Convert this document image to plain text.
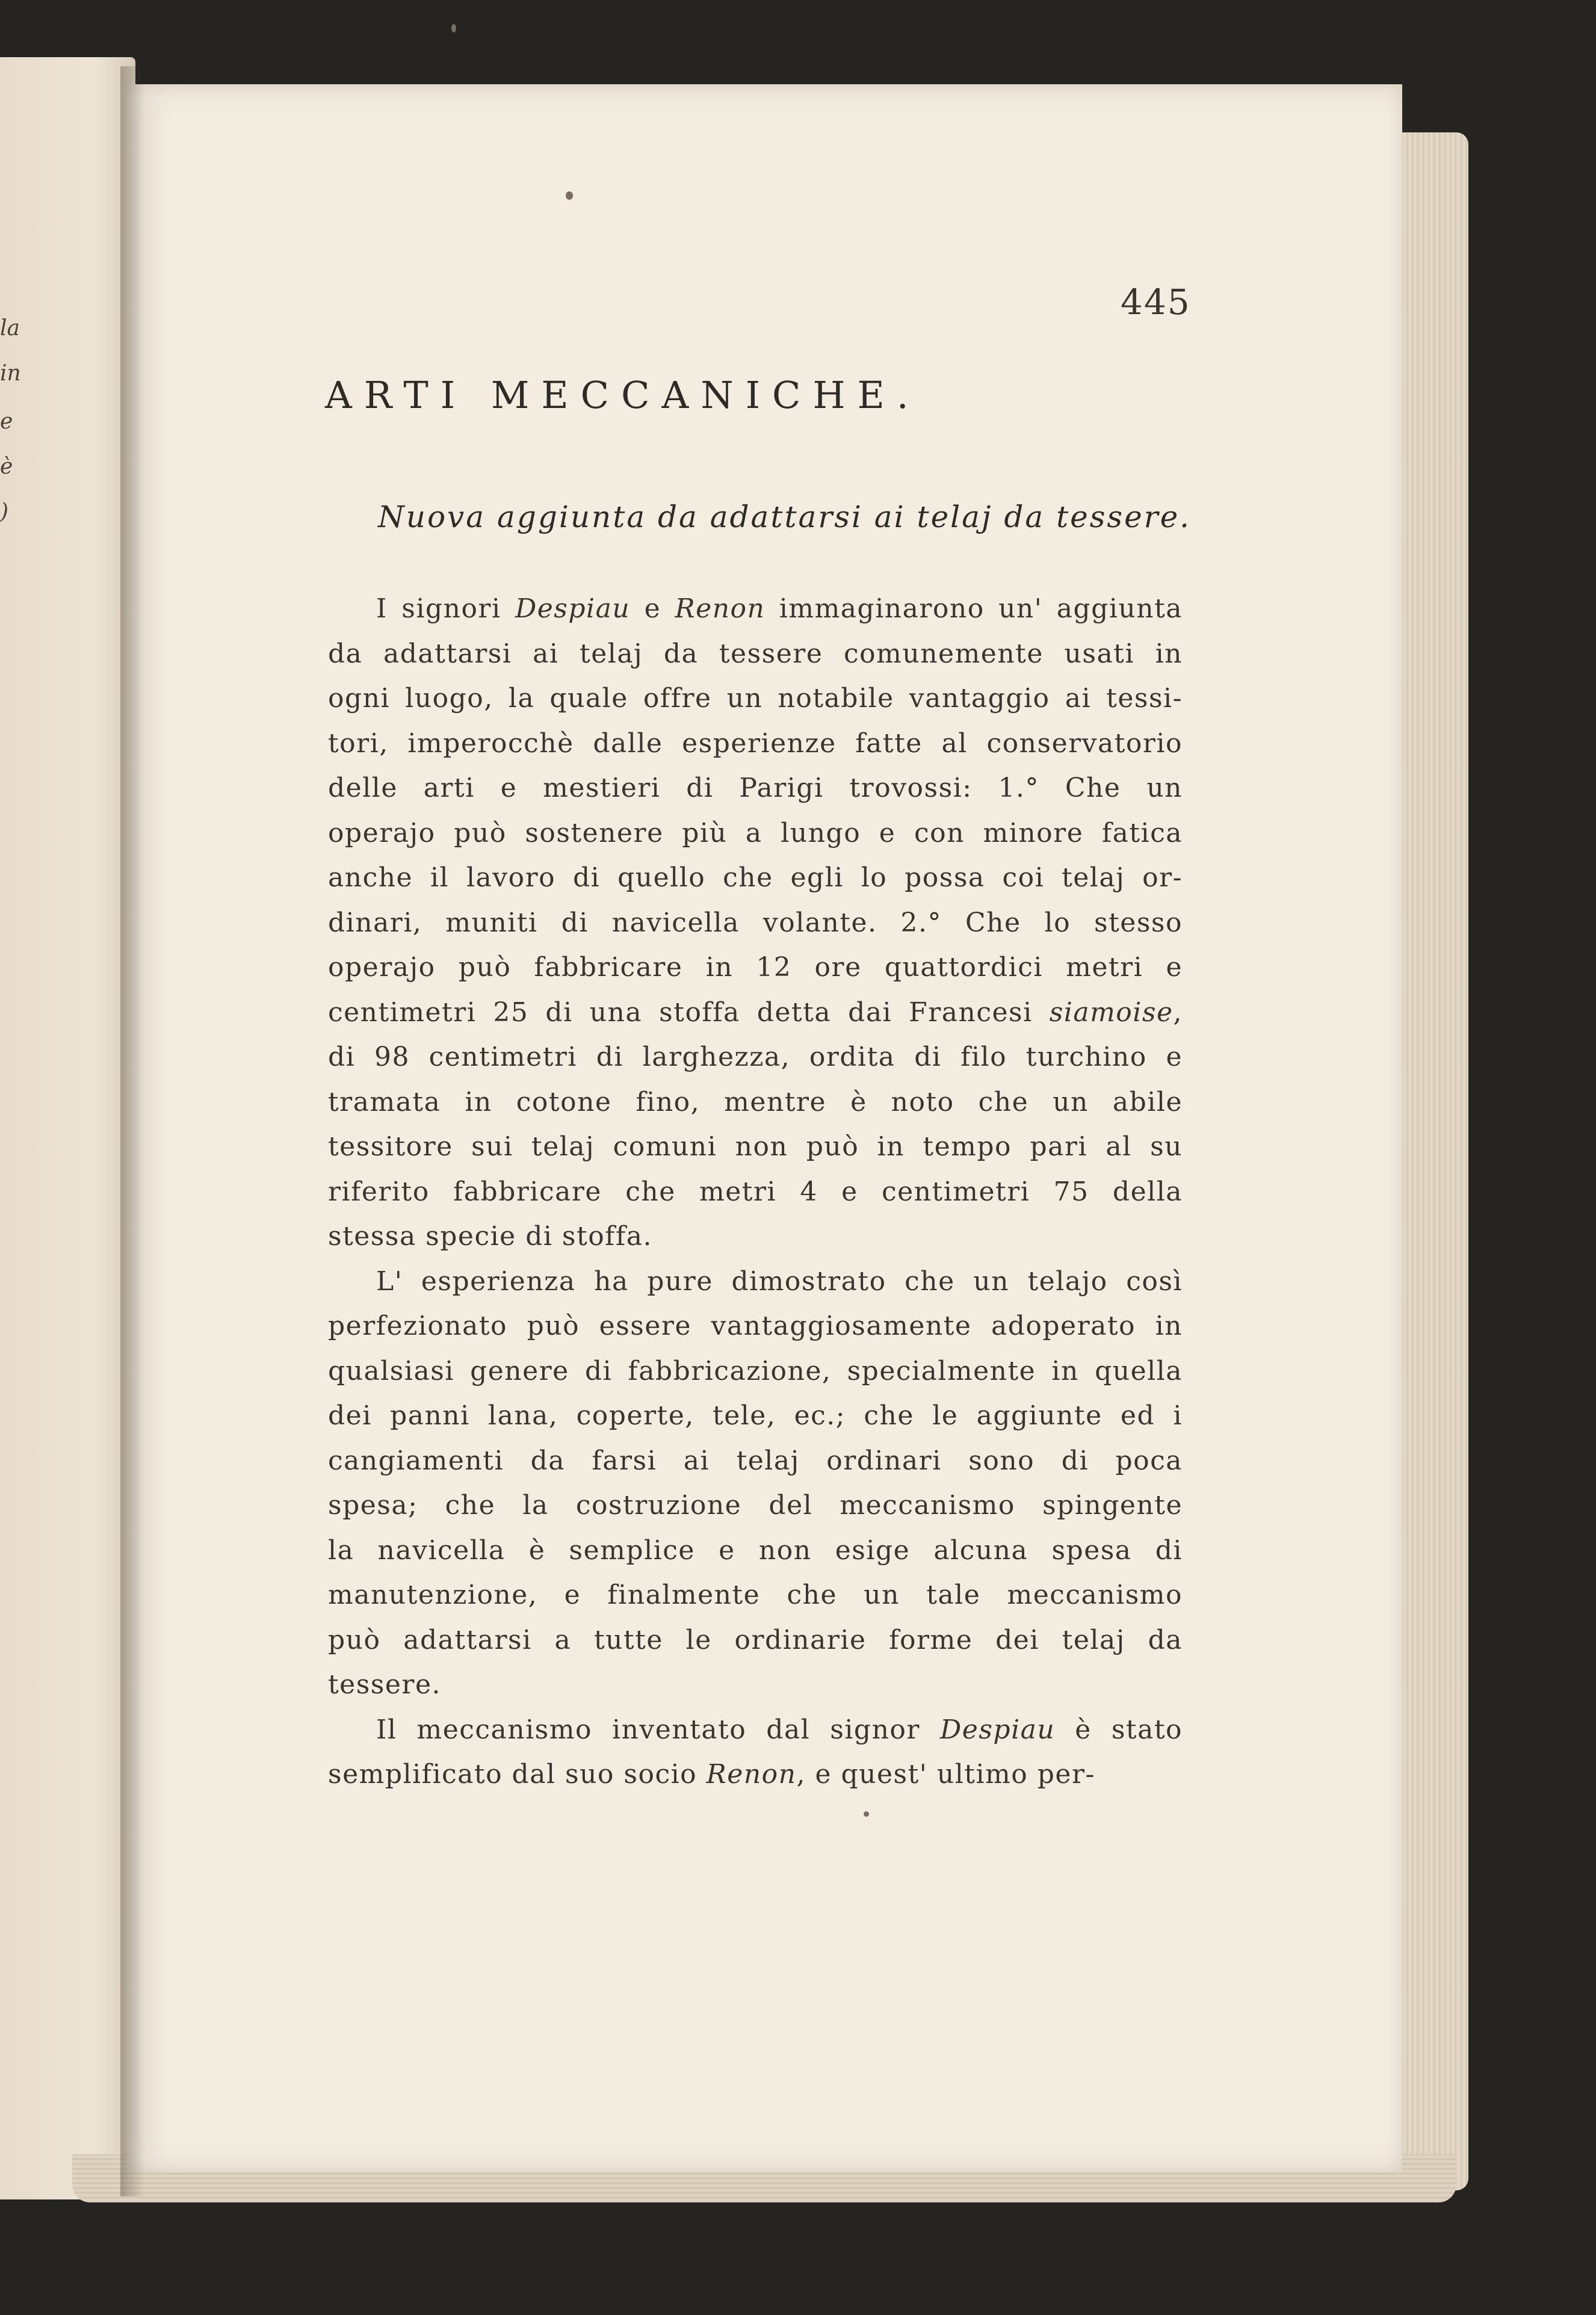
la
in
e
è
)
445
ARTI MECCANICHE.
Nuova aggiunta da adattarsi ai telaj da tessere.
I signori Despiau e Renon immaginarono un' aggiunta
da adattarsi ai telaj da tessere comunemente usati in
ogni luogo, la quale offre un notabile vantaggio ai tessi-
tori, imperocchè dalle esperienze fatte al conservatorio
delle arti e mestieri di Parigi trovossi: 1.° Che un
operajo può sostenere più a lungo e con minore fatica
anche il lavoro di quello che egli lo possa coi telaj or-
dinari, muniti di navicella volante. 2.° Che lo stesso
operajo può fabbricare in 12 ore quattordici metri e
centimetri 25 di una stoffa detta dai Francesi siamoise,
di 98 centimetri di larghezza, ordita di filo turchino e
tramata in cotone fino, mentre è noto che un abile
tessitore sui telaj comuni non può in tempo pari al su
riferito fabbricare che metri 4 e centimetri 75 della
stessa specie di stoffa.
L' esperienza ha pure dimostrato che un telajo così
perfezionato può essere vantaggiosamente adoperato in
qualsiasi genere di fabbricazione, specialmente in quella
dei panni lana, coperte, tele, ec.; che le aggiunte ed i
cangiamenti da farsi ai telaj ordinari sono di poca
spesa; che la costruzione del meccanismo spingente
la navicella è semplice e non esige alcuna spesa di
manutenzione, e finalmente che un tale meccanismo
può adattarsi a tutte le ordinarie forme dei telaj da
tessere.
Il meccanismo inventato dal signor Despiau è stato
semplificato dal suo socio Renon, e quest' ultimo per-
